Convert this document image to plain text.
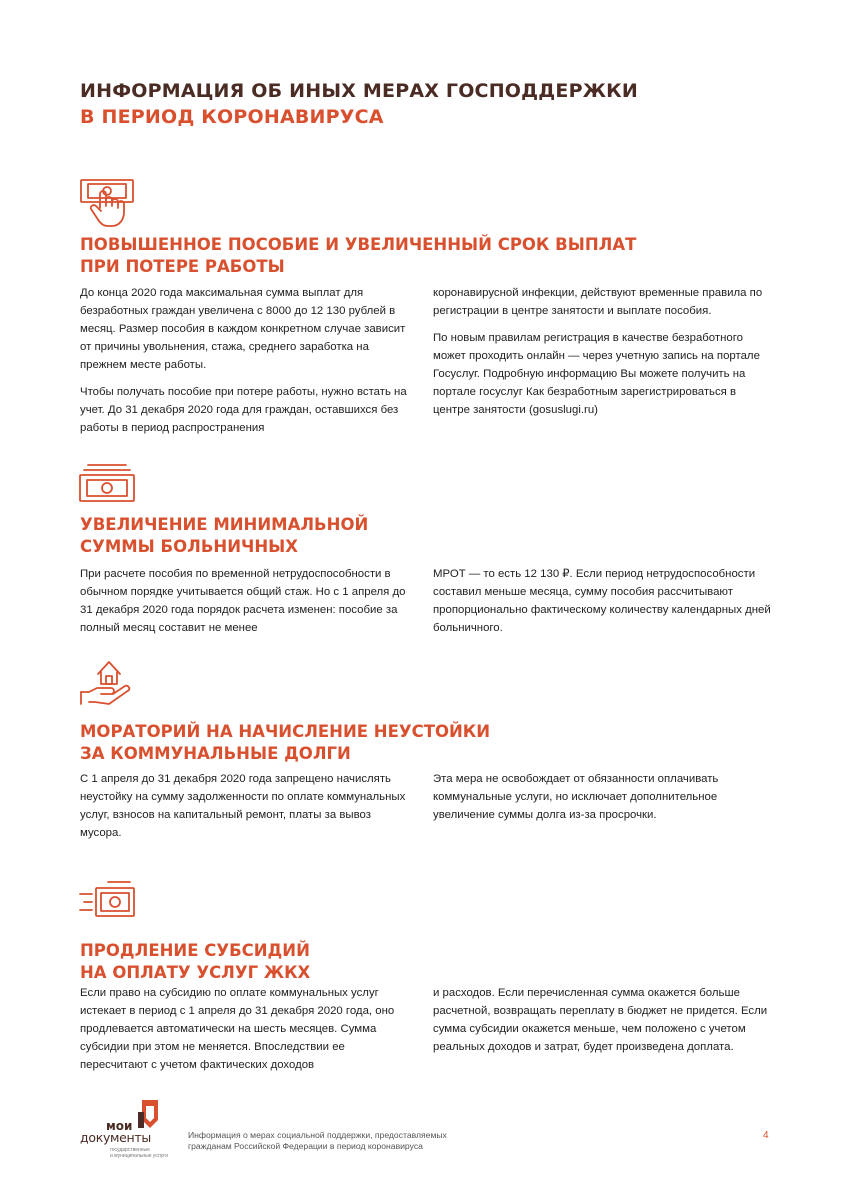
ИНФОРМАЦИЯ ОБ ИНЫХ МЕРАХ ГОСПОДДЕРЖКИ
В ПЕРИОД КОРОНАВИРУСА
ПОВЫШЕННОЕ ПОСОБИЕ И УВЕЛИЧЕННЫЙ СРОК ВЫПЛАТ
ПРИ ПОТЕРЕ РАБОТЫ

До конца 2020 года максимальная сумма выплат для безработных граждан увеличена с 8000 до 12 130 рублей в месяц. Размер пособия в каждом конкретном случае зависит от причины увольнения, стажа, среднего заработка на прежнем месте работы.

Чтобы получать пособие при потере работы, нужно встать на учет. До 31 декабря 2020 года для граждан, оставшихся без работы в период распространения

коронавирусной инфекции, действуют временные правила по регистрации в центре занятости и выплате пособия.

По новым правилам регистрация в качестве безработного может проходить онлайн — через учетную запись на портале Госуслуг. Подробную информацию Вы можете получить на портале госуслуг Как безработным зарегистрироваться в центре занятости (gosuslugi.ru)

УВЕЛИЧЕНИЕ МИНИМАЛЬНОЙ
СУММЫ БОЛЬНИЧНЫХ

При расчете пособия по временной нетрудоспособности в обычном порядке учитывается общий стаж. Но с 1 апреля до 31 декабря 2020 года порядок расчета изменен: пособие за полный месяц составит не менее

МРОТ — то есть 12 130 ₽. Если период нетрудоспособности составил меньше месяца, сумму пособия рассчитывают пропорционально фактическому количеству календарных дней больничного.

МОРАТОРИЙ НА НАЧИСЛЕНИЕ НЕУСТОЙКИ
ЗА КОММУНАЛЬНЫЕ ДОЛГИ

С 1 апреля до 31 декабря 2020 года запрещено начислять неустойку на сумму задолженности по оплате коммунальных услуг, взносов на капитальный ремонт, платы за вывоз мусора.

Эта мера не освобождает от обязанности оплачивать коммунальные услуги, но исключает дополнительное увеличение суммы долга из-за просрочки.

ПРОДЛЕНИЕ СУБСИДИЙ
НА ОПЛАТУ УСЛУГ ЖКХ

Если право на субсидию по оплате коммунальных услуг истекает в период с 1 апреля до 31 декабря 2020 года, оно продлевается автоматически на шесть месяцев. Сумма субсидии при этом не меняется. Впоследствии ее пересчитают с учетом фактических доходов

и расходов. Если перечисленная сумма окажется больше расчетной, возвращать переплату в бюджет не придется. Если сумма субсидии окажется меньше, чем положено с учетом реальных доходов и затрат, будет произведена доплата.

мои
документы
государственные
и муниципальные услуги
Информация о мерах социальной поддержки, предоставляемых
гражданам Российской Федерации в период коронавируса
4
